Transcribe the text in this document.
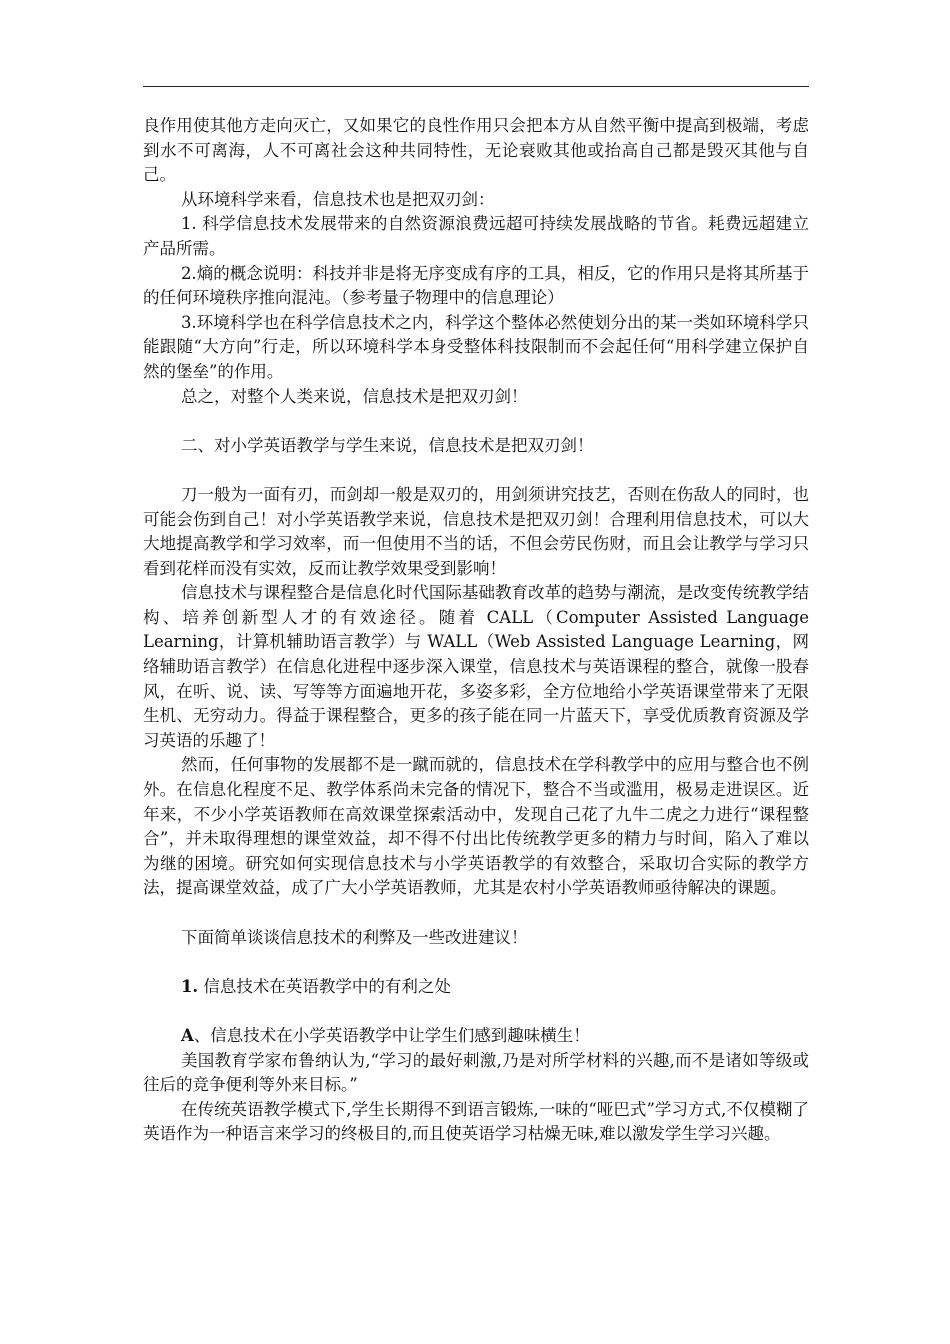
良作用使其他方走向灭亡，又如果它的良性作用只会把本方从自然平衡中提高到极端，考虑到水不可离海，人不可离社会这种共同特性，无论衰败其他或抬高自己都是毁灭其他与自己。

从环境科学来看，信息技术也是把双刃剑：

1. 科学信息技术发展带来的自然资源浪费远超可持续发展战略的节省。耗费远超建立产品所需。

2.熵的概念说明：科技并非是将无序变成有序的工具，相反，它的作用只是将其所基于的任何环境秩序推向混沌。（参考量子物理中的信息理论）

3.环境科学也在科学信息技术之内，科学这个整体必然使划分出的某一类如环境科学只能跟随“大方向”行走，所以环境科学本身受整体科技限制而不会起任何“用科学建立保护自然的堡垒”的作用。

总之，对整个人类来说，信息技术是把双刃剑！

二、对小学英语教学与学生来说，信息技术是把双刃剑！

刀一般为一面有刃，而剑却一般是双刃的，用剑须讲究技艺，否则在伤敌人的同时，也可能会伤到自己！对小学英语教学来说，信息技术是把双刃剑！合理利用信息技术，可以大大地提高教学和学习效率，而一但使用不当的话，不但会劳民伤财，而且会让教学与学习只看到花样而没有实效，反而让教学效果受到影响！

信息技术与课程整合是信息化时代国际基础教育改革的趋势与潮流，是改变传统教学结构、培养创新型人才的有效途径。随着 CALL（Computer Assisted Language Learning，计算机辅助语言教学）与 WALL（Web Assisted Language Learning，网络辅助语言教学）在信息化进程中逐步深入课堂，信息技术与英语课程的整合，就像一股春风，在听、说、读、写等等方面遍地开花，多姿多彩，全方位地给小学英语课堂带来了无限生机、无穷动力。得益于课程整合，更多的孩子能在同一片蓝天下，享受优质教育资源及学习英语的乐趣了！

然而，任何事物的发展都不是一蹴而就的，信息技术在学科教学中的应用与整合也不例外。在信息化程度不足、教学体系尚未完备的情况下，整合不当或滥用，极易走进误区。近年来，不少小学英语教师在高效课堂探索活动中，发现自己花了九牛二虎之力进行“课程整合”，并未取得理想的课堂效益，却不得不付出比传统教学更多的精力与时间，陷入了难以为继的困境。研究如何实现信息技术与小学英语教学的有效整合，采取切合实际的教学方法，提高课堂效益，成了广大小学英语教师，尤其是农村小学英语教师亟待解决的课题。

下面简单谈谈信息技术的利弊及一些改进建议！

1. 信息技术在英语教学中的有利之处

A、信息技术在小学英语教学中让学生们感到趣味横生！

美国教育学家布鲁纳认为,“学习的最好刺激,乃是对所学材料的兴趣,而不是诸如等级或往后的竞争便利等外来目标。”

在传统英语教学模式下,学生长期得不到语言锻炼,一味的“哑巴式”学习方式,不仅模糊了英语作为一种语言来学习的终极目的,而且使英语学习枯燥无味,难以激发学生学习兴趣。
